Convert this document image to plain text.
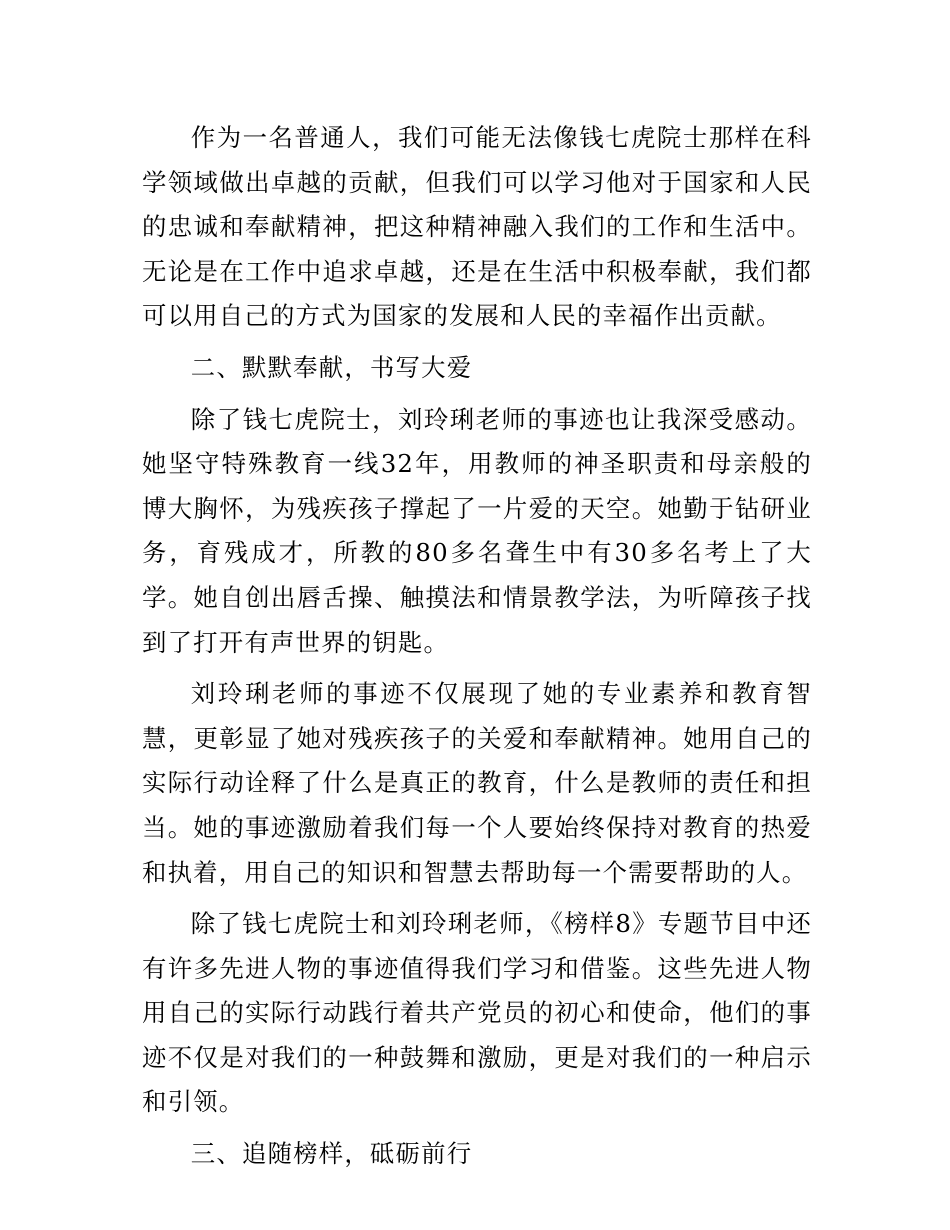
作为一名普通人，我们可能无法像钱七虎院士那样在科学领域做出卓越的贡献，但我们可以学习他对于国家和人民的忠诚和奉献精神，把这种精神融入我们的工作和生活中。无论是在工作中追求卓越，还是在生活中积极奉献，我们都可以用自己的方式为国家的发展和人民的幸福作出贡献。

二、默默奉献，书写大爱

除了钱七虎院士，刘玲琍老师的事迹也让我深受感动。她坚守特殊教育一线32年，用教师的神圣职责和母亲般的博大胸怀，为残疾孩子撑起了一片爱的天空。她勤于钻研业务，育残成才，所教的80多名聋生中有30多名考上了大学。她自创出唇舌操、触摸法和情景教学法，为听障孩子找到了打开有声世界的钥匙。

刘玲琍老师的事迹不仅展现了她的专业素养和教育智慧，更彰显了她对残疾孩子的关爱和奉献精神。她用自己的实际行动诠释了什么是真正的教育，什么是教师的责任和担当。她的事迹激励着我们每一个人要始终保持对教育的热爱和执着，用自己的知识和智慧去帮助每一个需要帮助的人。

除了钱七虎院士和刘玲琍老师，《榜样8》专题节目中还有许多先进人物的事迹值得我们学习和借鉴。这些先进人物用自己的实际行动践行着共产党员的初心和使命，他们的事迹不仅是对我们的一种鼓舞和激励，更是对我们的一种启示和引领。

三、追随榜样，砥砺前行
